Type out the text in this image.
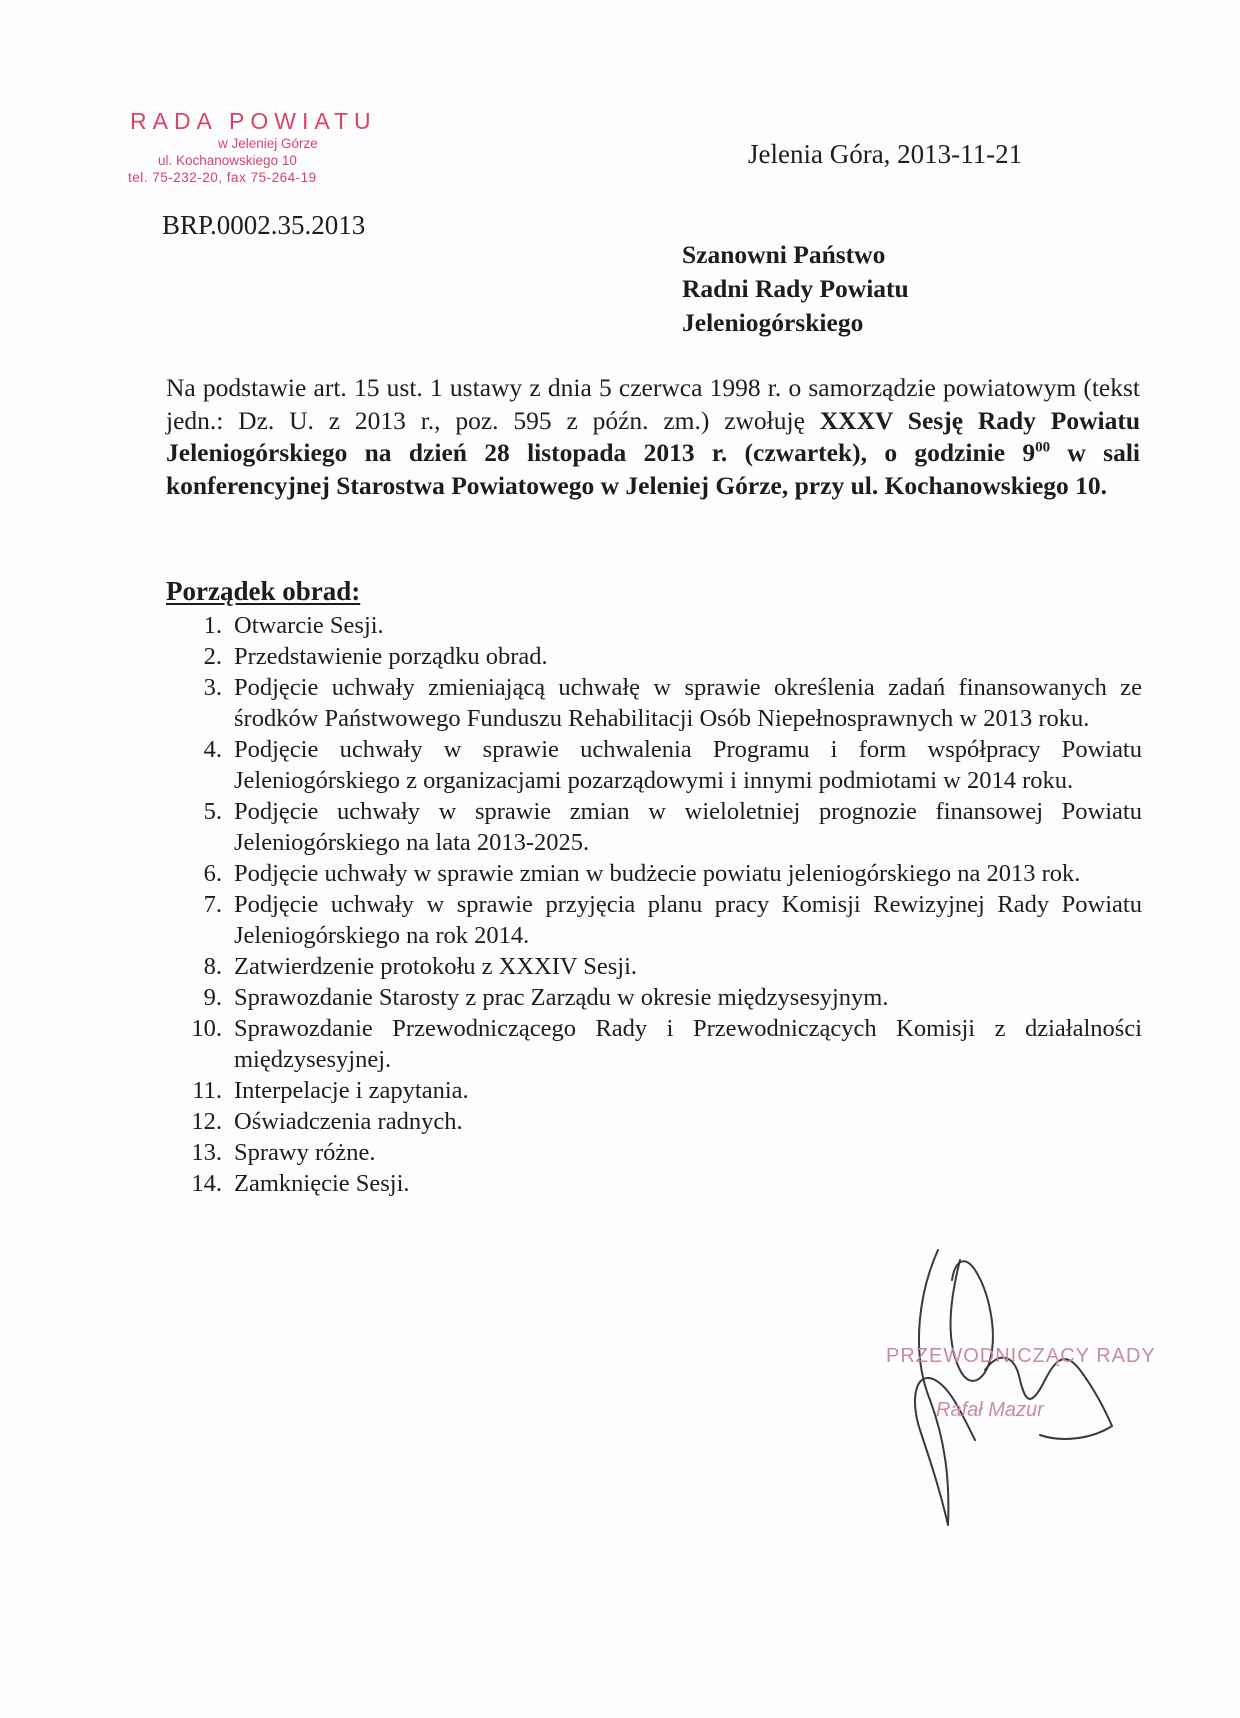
RADA POWIATU
w Jeleniej Górze
ul. Kochanowskiego 10
tel. 75-232-20, fax 75-264-19
Jelenia Góra, 2013-11-21
BRP.0002.35.2013
Szanowni Państwo
Radni Rady Powiatu
Jeleniogórskiego
Na podstawie art. 15 ust. 1 ustawy z dnia 5 czerwca 1998 r. o samorządzie powiatowym (tekst jedn.: Dz. U. z 2013 r., poz. 595 z późn. zm.) zwołuję XXXV Sesję Rady Powiatu Jeleniogórskiego na dzień 28 listopada 2013 r. (czwartek), o godzinie $9^{00}$ w sali konferencyjnej Starostwa Powiatowego w Jeleniej Górze, przy ul. Kochanowskiego 10.
Porządek obrad:
1. Otwarcie Sesji.
2. Przedstawienie porządku obrad.
3. Podjęcie uchwały zmieniającą uchwałę w sprawie określenia zadań finansowanych ze środków Państwowego Funduszu Rehabilitacji Osób Niepełnosprawnych w 2013 roku.
4. Podjęcie uchwały w sprawie uchwalenia Programu i form współpracy Powiatu Jeleniogórskiego z organizacjami pozarządowymi i innymi podmiotami w 2014 roku.
5. Podjęcie uchwały w sprawie zmian w wieloletniej prognozie finansowej Powiatu Jeleniogórskiego na lata 2013-2025.
6. Podjęcie uchwały w sprawie zmian w budżecie powiatu jeleniogórskiego na 2013 rok.
7. Podjęcie uchwały w sprawie przyjęcia planu pracy Komisji Rewizyjnej Rady Powiatu Jeleniogórskiego na rok 2014.
8. Zatwierdzenie protokołu z XXXIV Sesji.
9. Sprawozdanie Starosty z prac Zarządu w okresie międzysesyjnym.
10. Sprawozdanie Przewodniczącego Rady i Przewodniczących Komisji z działalności międzysesyjnej.
11. Interpelacje i zapytania.
12. Oświadczenia radnych.
13. Sprawy różne.
14. Zamknięcie Sesji.
PRZEWODNICZĄCY RADY
Rafał Mazur
